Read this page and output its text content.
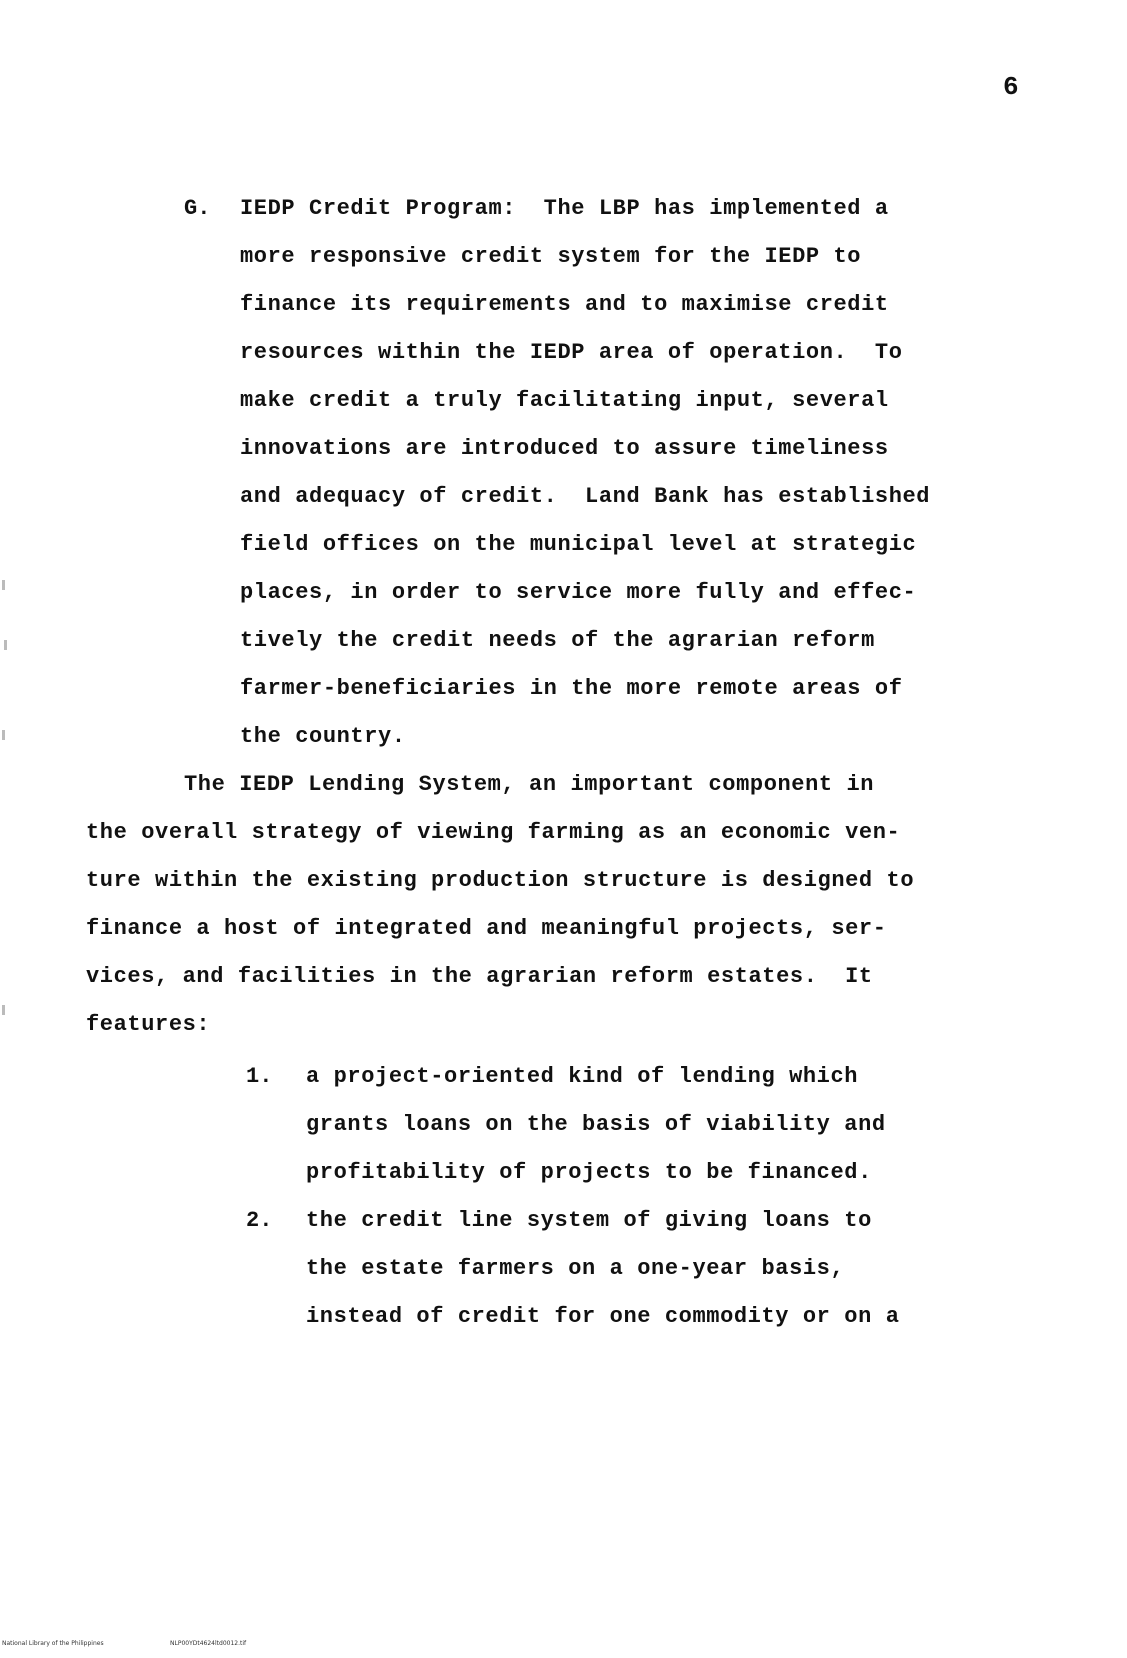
6
G. IEDP Credit Program:  The LBP has implemented a
more responsive credit system for the IEDP to
finance its requirements and to maximise credit
resources within the IEDP area of operation.  To
make credit a truly facilitating input, several
innovations are introduced to assure timeliness
and adequacy of credit.  Land Bank has established
field offices on the municipal level at strategic
places, in order to service more fully and effec-
tively the credit needs of the agrarian reform
farmer-beneficiaries in the more remote areas of
the country.
The IEDP Lending System, an important component in
the overall strategy of viewing farming as an economic ven-
ture within the existing production structure is designed to
finance a host of integrated and meaningful projects, ser-
vices, and facilities in the agrarian reform estates.  It
features:
1. a project-oriented kind of lending which
grants loans on the basis of viability and
profitability of projects to be financed.
2. the credit line system of giving loans to
the estate farmers on a one-year basis,
instead of credit for one commodity or on a
National Library of the Philippines	NLP00YDt4624ltd0012.tif
